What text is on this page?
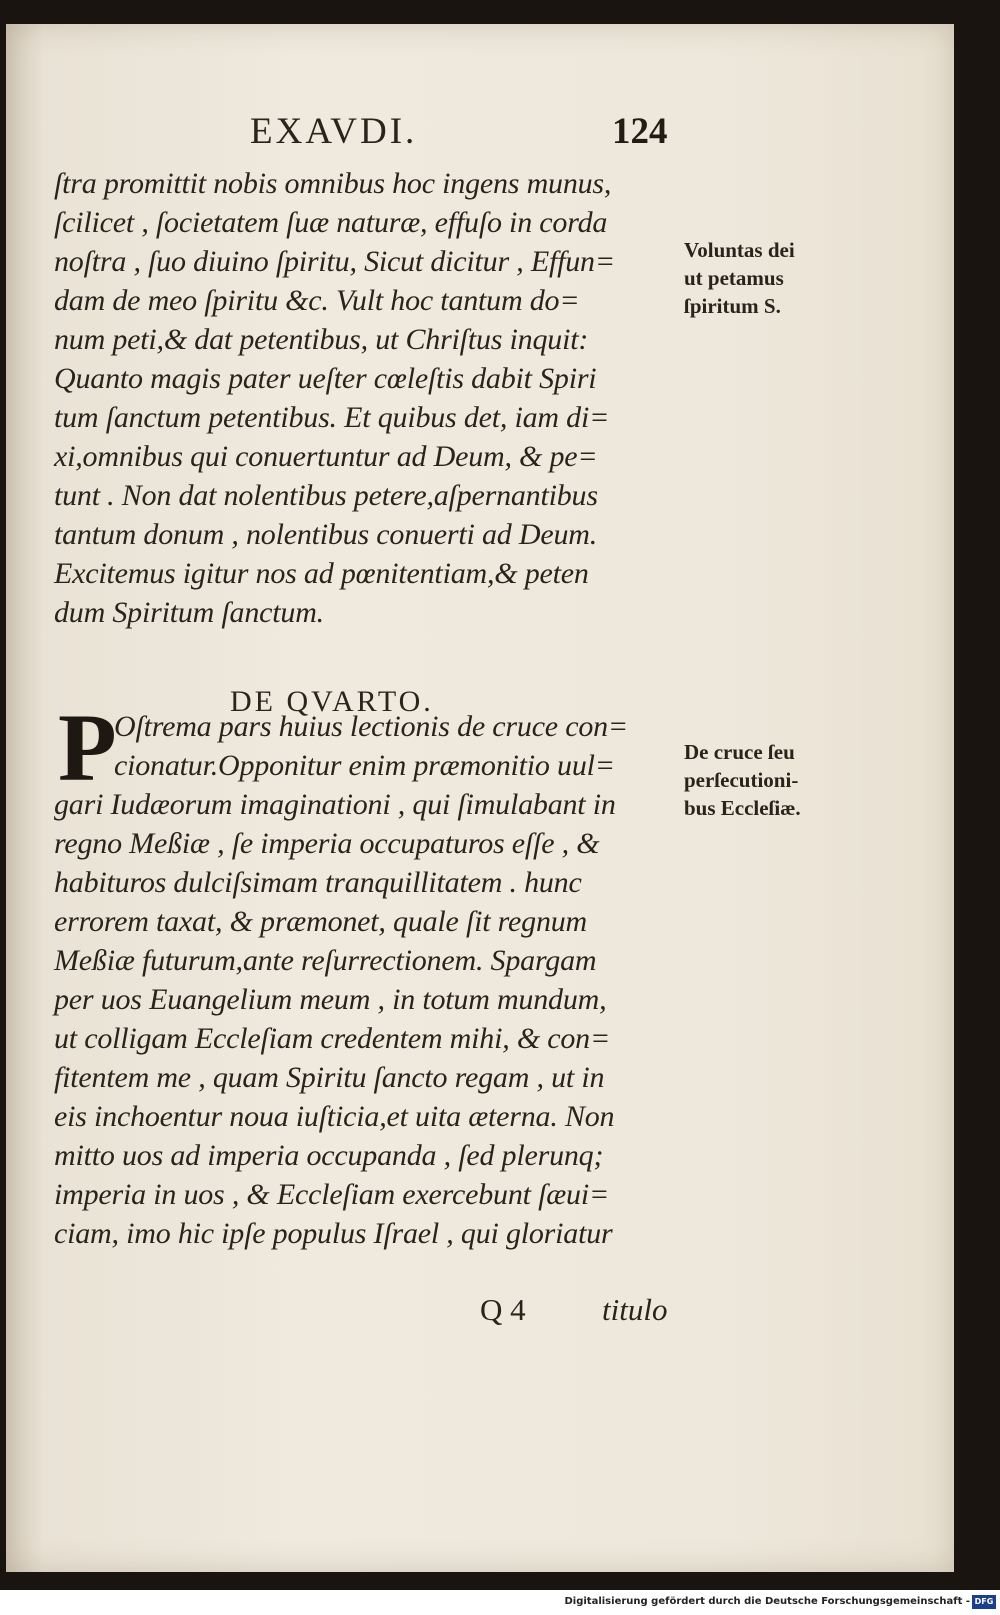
EXAVDI.	124
ſtra promittit nobis omnibus hoc ingens munus,
ſcilicet , ſocietatem ſuæ naturæ, effuſo in corda
noſtra , ſuo diuino ſpiritu, Sicut dicitur , Effun=
dam de meo ſpiritu &c. Vult hoc tantum do=
num peti,& dat petentibus, ut Chriſtus inquit:
Quanto magis pater ueſter cœleſtis dabit Spiri
tum ſanctum petentibus. Et quibus det, iam di=
xi,omnibus qui conuertuntur ad Deum, & pe=
tunt . Non dat nolentibus petere,aſpernantibus
tantum donum , nolentibus conuerti ad Deum.
Excitemus igitur nos ad pœnitentiam,& peten
dum Spiritum ſanctum.
Voluntas dei
ut petamus
ſpiritum S.
DE QVARTO.
P
Oſtrema pars huius lectionis de cruce con=
cionatur.Opponitur enim præmonitio uul=
gari Iudæorum imaginationi , qui ſimulabant in
regno Meßiæ , ſe imperia occupaturos eſſe , &
habituros dulciſsimam tranquillitatem . hunc
errorem taxat, & præmonet, quale ſit regnum
Meßiæ futurum,ante reſurrectionem. Spargam
per uos Euangelium meum , in totum mundum,
ut colligam Eccleſiam credentem mihi, & con=
fitentem me , quam Spiritu ſancto regam , ut in
eis inchoentur noua iuſticia,et uita æterna. Non
mitto uos ad imperia occupanda , ſed plerunq;
imperia in uos , & Eccleſiam exercebunt ſæui=
ciam, imo hic ipſe populus Iſrael , qui gloriatur
De cruce ſeu
perſecutioni-
bus Eccleſiæ.
Q 4 titulo
Digitalisierung gefördert durch die Deutsche Forschungsgemeinschaft - DFG
